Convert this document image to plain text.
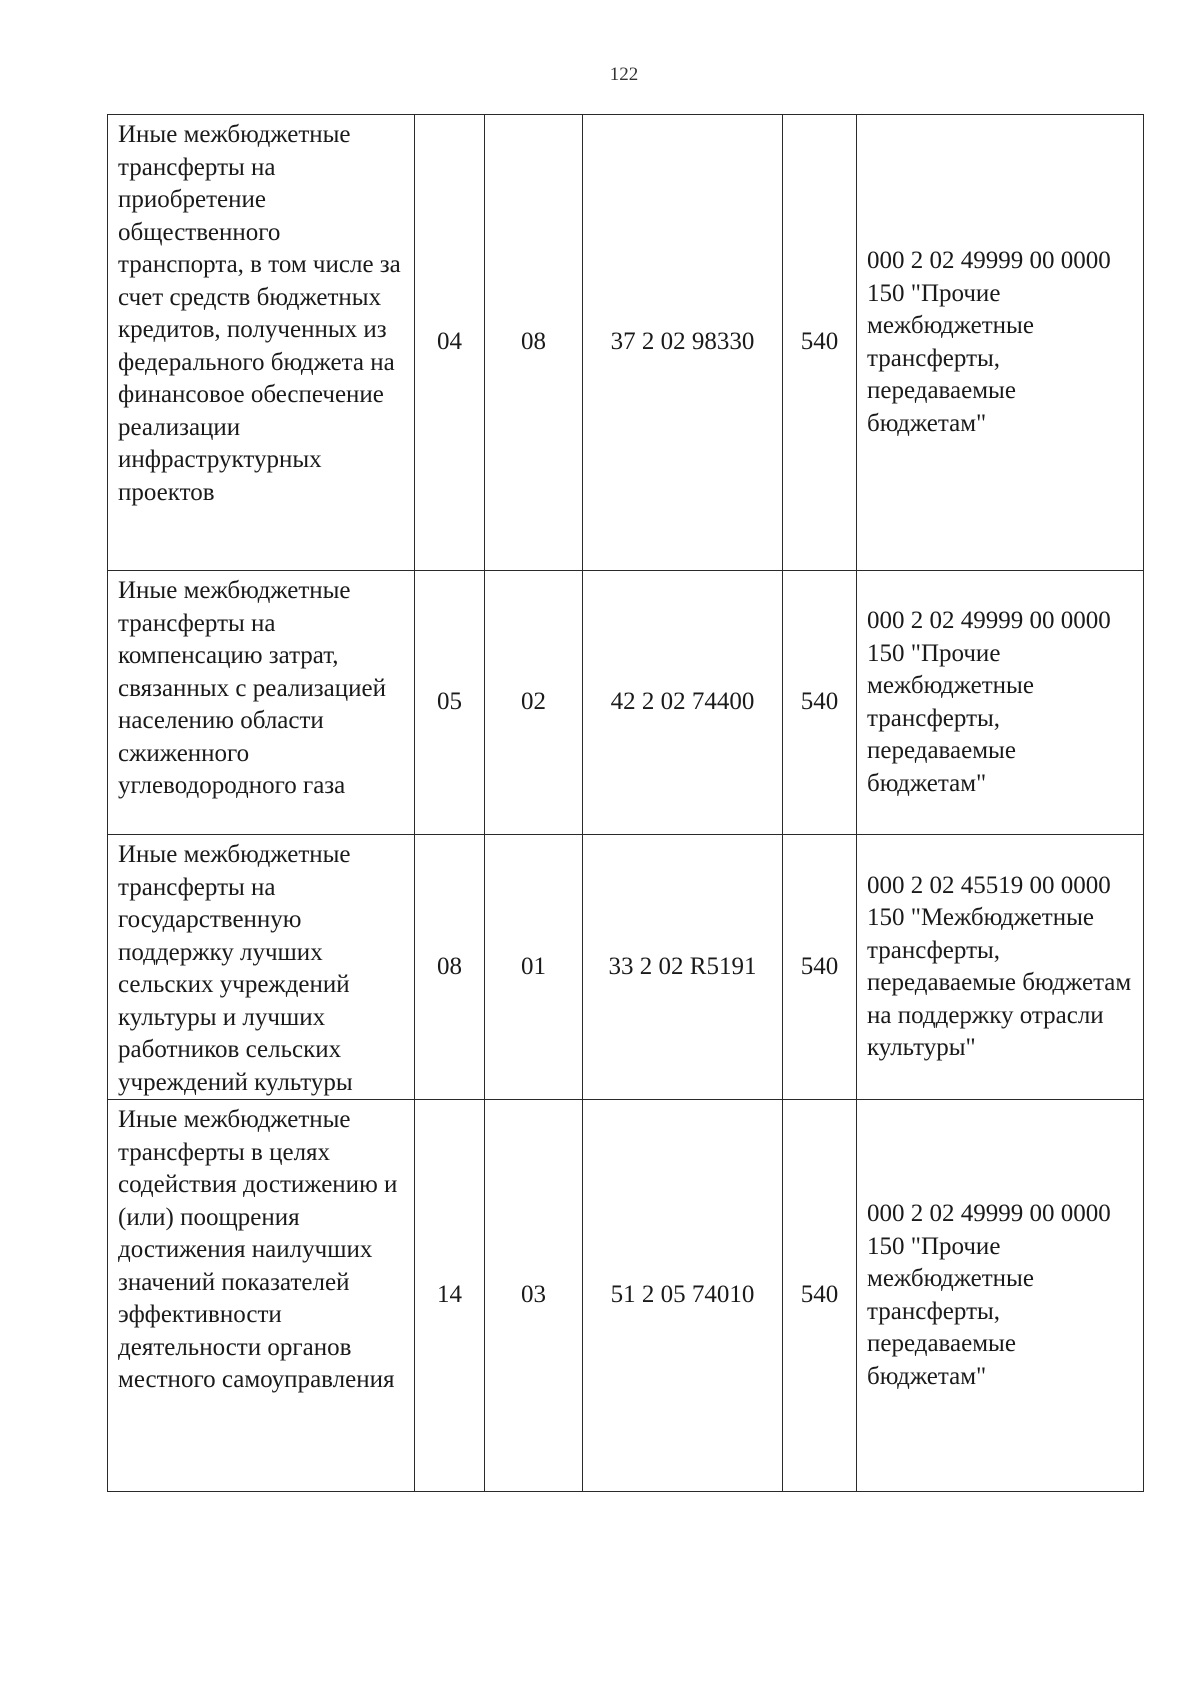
122
Иные межбюджетные трансферты на приобретение общественного транспорта, в том числе за счет средств бюджетных кредитов, полученных из федерального бюджета на финансовое обеспечение реализации инфраструктурных проектов	04	08	37 2 02 98330	540	000 2 02 49999 00 0000 150 "Прочие межбюджетные трансферты, передаваемые бюджетам"
Иные межбюджетные трансферты на компенсацию затрат, связанных с реализацией населению области сжиженного углеводородного газа	05	02	42 2 02 74400	540	000 2 02 49999 00 0000 150 "Прочие межбюджетные трансферты, передаваемые бюджетам"
Иные межбюджетные трансферты на государственную поддержку лучших сельских учреждений культуры и лучших работников сельских учреждений культуры	08	01	33 2 02 R5191	540	000 2 02 45519 00 0000 150 "Межбюджетные трансферты, передаваемые бюджетам на поддержку отрасли культуры"
Иные межбюджетные трансферты в целях содействия достижению и (или) поощрения достижения наилучших значений показателей эффективности деятельности органов местного самоуправления	14	03	51 2 05 74010	540	000 2 02 49999 00 0000 150 "Прочие межбюджетные трансферты, передаваемые бюджетам"
